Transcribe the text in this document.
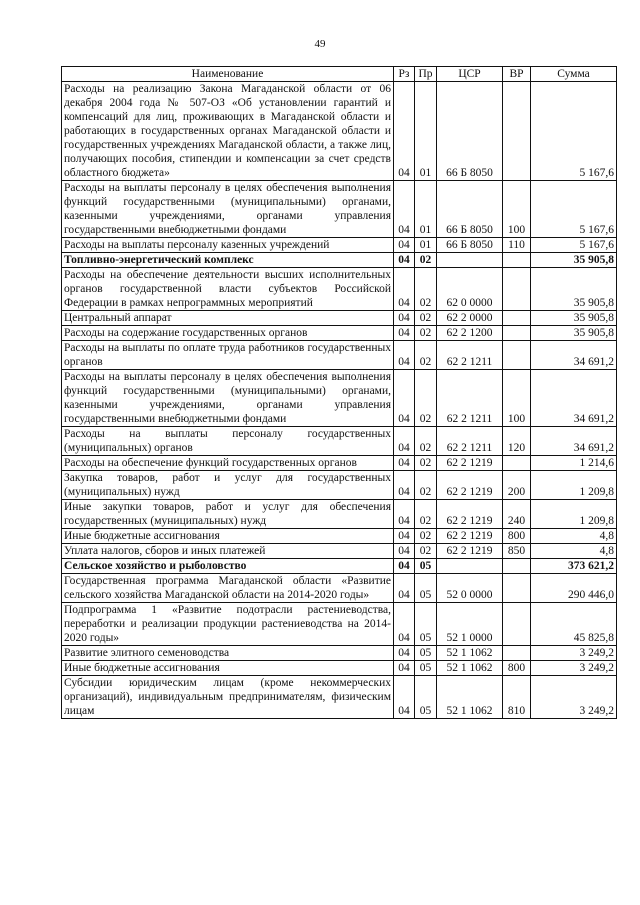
49
Наименование	Рз	Пр	ЦСР	ВР	Сумма
Расходы на реализацию Закона Магаданской области от 06 декабря 2004 года № 507-ОЗ «Об установлении гарантий и компенсаций для лиц, проживающих в Магаданской области и работающих в государственных органах Магаданской области и государственных учреждениях Магаданской области, а также лиц, получающих пособия, стипендии и компенсации за счет средств областного бюджета»	04	01	66 Б 8050		5 167,6
Расходы на выплаты персоналу в целях обеспечения выполнения функций государственными (муниципальными) органами, казенными учреждениями, органами управления государственными внебюджетными фондами	04	01	66 Б 8050	100	5 167,6
Расходы на выплаты персоналу казенных учреждений	04	01	66 Б 8050	110	5 167,6
Топливно-энергетический комплекс	04	02			35 905,8
Расходы на обеспечение деятельности высших исполнительных органов государственной власти субъектов Российской Федерации в рамках непрограммных мероприятий	04	02	62 0 0000		35 905,8
Центральный аппарат	04	02	62 2 0000		35 905,8
Расходы на содержание государственных органов	04	02	62 2 1200		35 905,8
Расходы на выплаты по оплате труда работников государственных органов	04	02	62 2 1211		34 691,2
Расходы на выплаты персоналу в целях обеспечения выполнения функций государственными (муниципальными) органами, казенными учреждениями, органами управления государственными внебюджетными фондами	04	02	62 2 1211	100	34 691,2
Расходы на выплаты персоналу государственных (муниципальных) органов	04	02	62 2 1211	120	34 691,2
Расходы на обеспечение функций государственных органов	04	02	62 2 1219		1 214,6
Закупка товаров, работ и услуг для государственных (муниципальных) нужд	04	02	62 2 1219	200	1 209,8
Иные закупки товаров, работ и услуг для обеспечения государственных (муниципальных) нужд	04	02	62 2 1219	240	1 209,8
Иные бюджетные ассигнования	04	02	62 2 1219	800	4,8
Уплата налогов, сборов и иных платежей	04	02	62 2 1219	850	4,8
Сельское хозяйство и рыболовство	04	05			373 621,2
Государственная программа Магаданской области «Развитие сельского хозяйства Магаданской области на 2014-2020 годы»	04	05	52 0 0000		290 446,0
Подпрограмма 1 «Развитие подотрасли растениеводства, переработки и реализации продукции растениеводства на 2014-2020 годы»	04	05	52 1 0000		45 825,8
Развитие элитного семеноводства	04	05	52 1 1062		3 249,2
Иные бюджетные ассигнования	04	05	52 1 1062	800	3 249,2
Субсидии юридическим лицам (кроме некоммерческих организаций), индивидуальным предпринимателям, физическим лицам	04	05	52 1 1062	810	3 249,2
